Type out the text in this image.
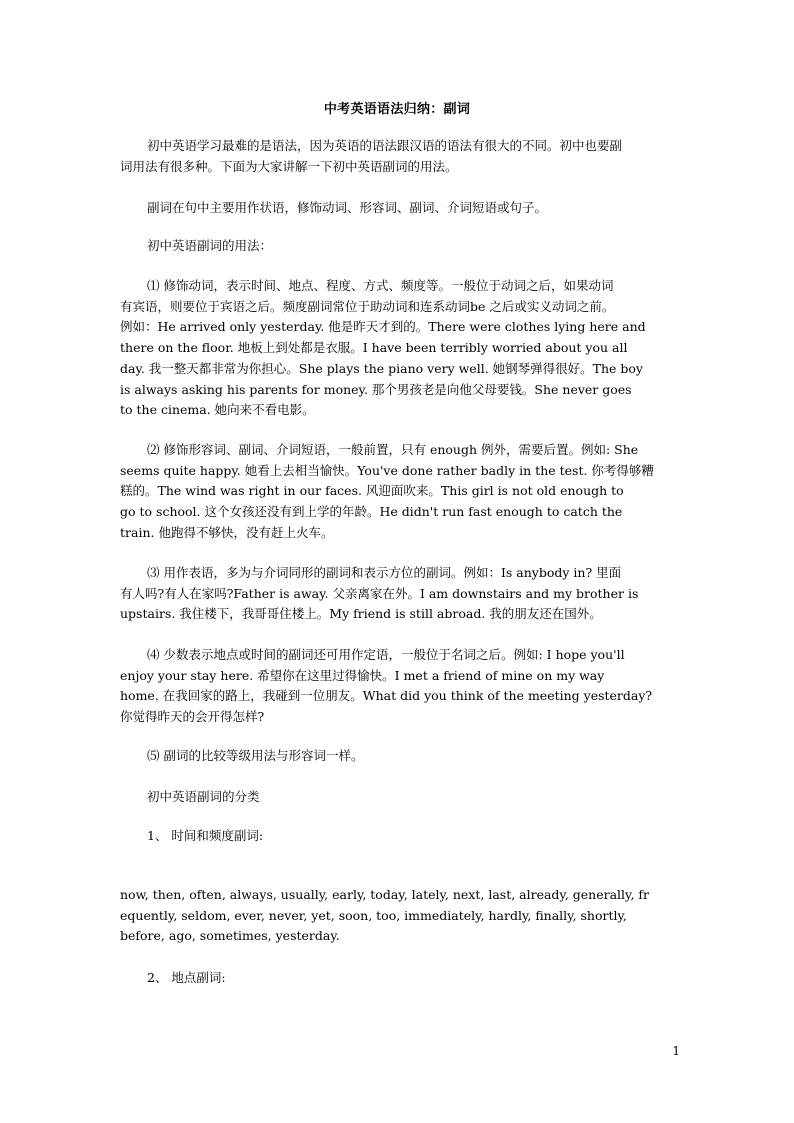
中考英语语法归纳：副词

初中英语学习最难的是语法，因为英语的语法跟汉语的语法有很大的不同。初中也要副

词用法有很多种。下面为大家讲解一下初中英语副词的用法。

副词在句中主要用作状语，修饰动词、形容词、副词、介词短语或句子。

初中英语副词的用法：

⑴ 修饰动词，表示时间、地点、程度、方式、频度等。一般位于动词之后，如果动词

有宾语，则要位于宾语之后。频度副词常位于助动词和连系动词be 之后或实义动词之前。

例如：He arrived only yesterday. 他是昨天才到的。There were clothes lying here and

there on the floor. 地板上到处都是衣服。I have been terribly worried about you all

day. 我一整天都非常为你担心。She plays the piano very well. 她钢琴弹得很好。The boy

is always asking his parents for money. 那个男孩老是向他父母要钱。She never goes

to the cinema. 她向来不看电影。

⑵ 修饰形容词、副词、介词短语，一般前置，只有 enough 例外，需要后置。例如: She

seems quite happy. 她看上去相当愉快。You've done rather badly in the test. 你考得够糟

糕的。The wind was right in our faces. 风迎面吹来。This girl is not old enough to

go to school. 这个女孩还没有到上学的年龄。He didn't run fast enough to catch the

train. 他跑得不够快，没有赶上火车。

⑶ 用作表语，多为与介词同形的副词和表示方位的副词。例如：Is anybody in? 里面

有人吗?有人在家吗?Father is away. 父亲离家在外。I am downstairs and my brother is

upstairs. 我住楼下，我哥哥住楼上。My friend is still abroad. 我的朋友还在国外。

⑷ 少数表示地点或时间的副词还可用作定语，一般位于名词之后。例如: I hope you'll

enjoy your stay here. 希望你在这里过得愉快。I met a friend of mine on my way

home. 在我回家的路上，我碰到一位朋友。What did you think of the meeting yesterday?

你觉得昨天的会开得怎样?

⑸ 副词的比较等级用法与形容词一样。

初中英语副词的分类

1、 时间和频度副词:

now, then, often, always, usually, early, today, lately, next, last, already, generally, fr

equently, seldom, ever, never, yet, soon, too, immediately, hardly, finally, shortly,

before, ago, sometimes, yesterday.

2、 地点副词:

1
